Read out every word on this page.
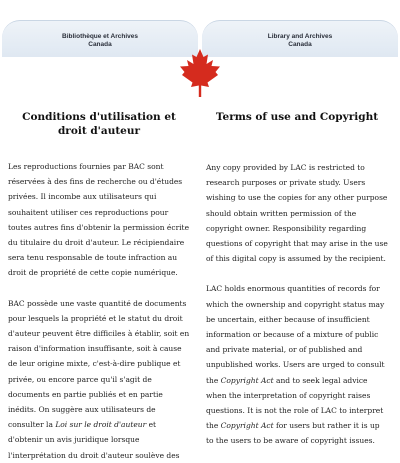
Bibliothèque et Archives
Canada
Library and Archives
Canada
Conditions d'utilisation et droit d'auteur

Les reproductions fournies par BAC sont réservées à des fins de recherche ou d'études privées. Il incombe aux utilisateurs qui souhaitent utiliser ces reproductions pour toutes autres fins d'obtenir la permission écrite du titulaire du droit d'auteur. Le récipiendaire sera tenu responsable de toute infraction au droit de propriété de cette copie numérique.

BAC possède une vaste quantité de documents pour lesquels la propriété et le statut du droit d'auteur peuvent être difficiles à établir, soit en raison d'information insuffisante, soit à cause de leur origine mixte, c'est-à-dire publique et privée, ou encore parce qu'il s'agit de documents en partie publiés et en partie inédits. On suggère aux utilisateurs de consulter la Loi sur le droit d'auteur et d'obtenir un avis juridique lorsque l'interprétation du droit d'auteur soulève des

Terms of use and Copyright

Any copy provided by LAC is restricted to research purposes or private study. Users wishing to use the copies for any other purpose should obtain written permission of the copyright owner. Responsibility regarding questions of copyright that may arise in the use of this digital copy is assumed by the recipient.

LAC holds enormous quantities of records for which the ownership and copyright status may be uncertain, either because of insufficient information or because of a mixture of public and private material, or of published and unpublished works. Users are urged to consult the Copyright Act and to seek legal advice when the interpretation of copyright raises questions. It is not the role of LAC to interpret the Copyright Act for users but rather it is up to the users to be aware of copyright issues.
